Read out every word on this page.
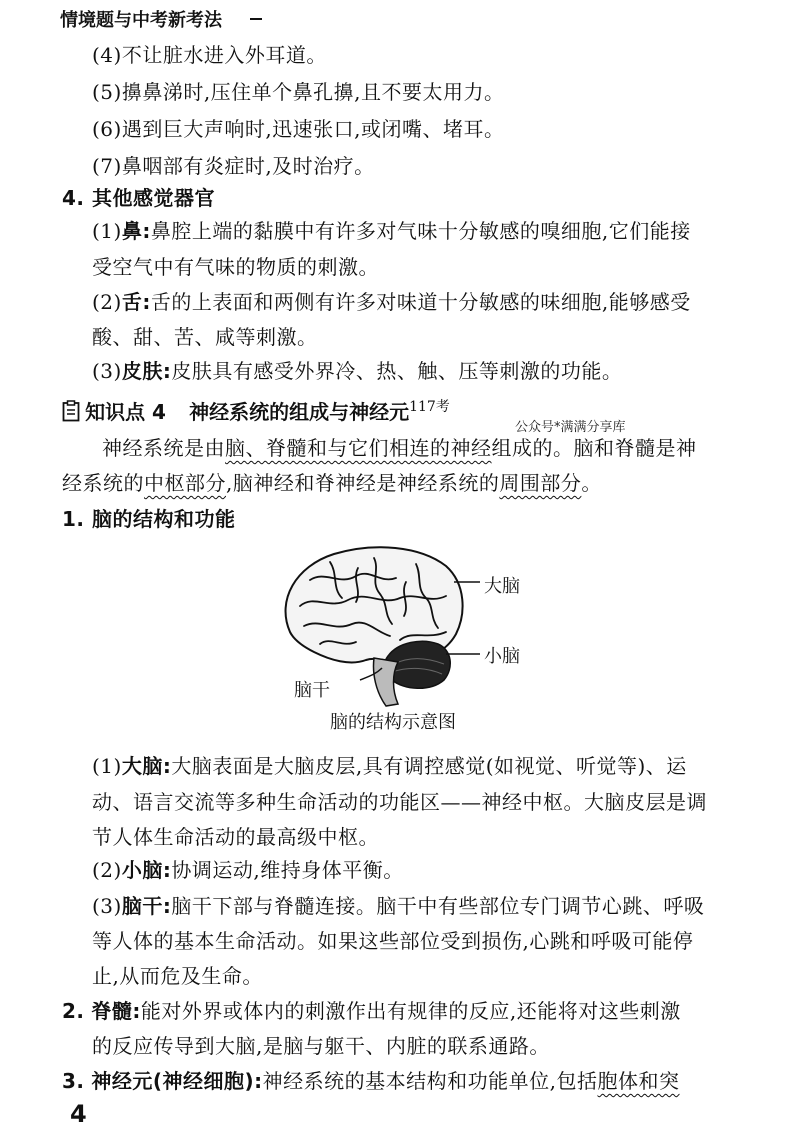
情境题与中考新考法
(4)不让脏水进入外耳道。
(5)擤鼻涕时,压住单个鼻孔擤,且不要太用力。
(6)遇到巨大声响时,迅速张口,或闭嘴、堵耳。
(7)鼻咽部有炎症时,及时治疗。
4. 其他感觉器官
(1)鼻:鼻腔上端的黏膜中有许多对气味十分敏感的嗅细胞,它们能接
受空气中有气味的物质的刺激。
(2)舌:舌的上表面和两侧有许多对味道十分敏感的味细胞,能够感受
酸、甜、苦、咸等刺激。
(3)皮肤:皮肤具有感受外界冷、热、触、压等刺激的功能。
知识点 4 神经系统的组成与神经元117考
公众号*满满分享库
神经系统是由脑、脊髓和与它们相连的神经组成的。脑和脊髓是神
经系统的中枢部分,脑神经和脊神经是神经系统的周围部分。
1. 脑的结构和功能
大脑
小脑
脑干
脑的结构示意图
(1)大脑:大脑表面是大脑皮层,具有调控感觉(如视觉、听觉等)、运
动、语言交流等多种生命活动的功能区——神经中枢。大脑皮层是调
节人体生命活动的最高级中枢。
(2)小脑:协调运动,维持身体平衡。
(3)脑干:脑干下部与脊髓连接。脑干中有些部位专门调节心跳、呼吸
等人体的基本生命活动。如果这些部位受到损伤,心跳和呼吸可能停
止,从而危及生命。
2. 脊髓:能对外界或体内的刺激作出有规律的反应,还能将对这些刺激
的反应传导到大脑,是脑与躯干、内脏的联系通路。
3. 神经元(神经细胞):神经系统的基本结构和功能单位,包括胞体和突
4
